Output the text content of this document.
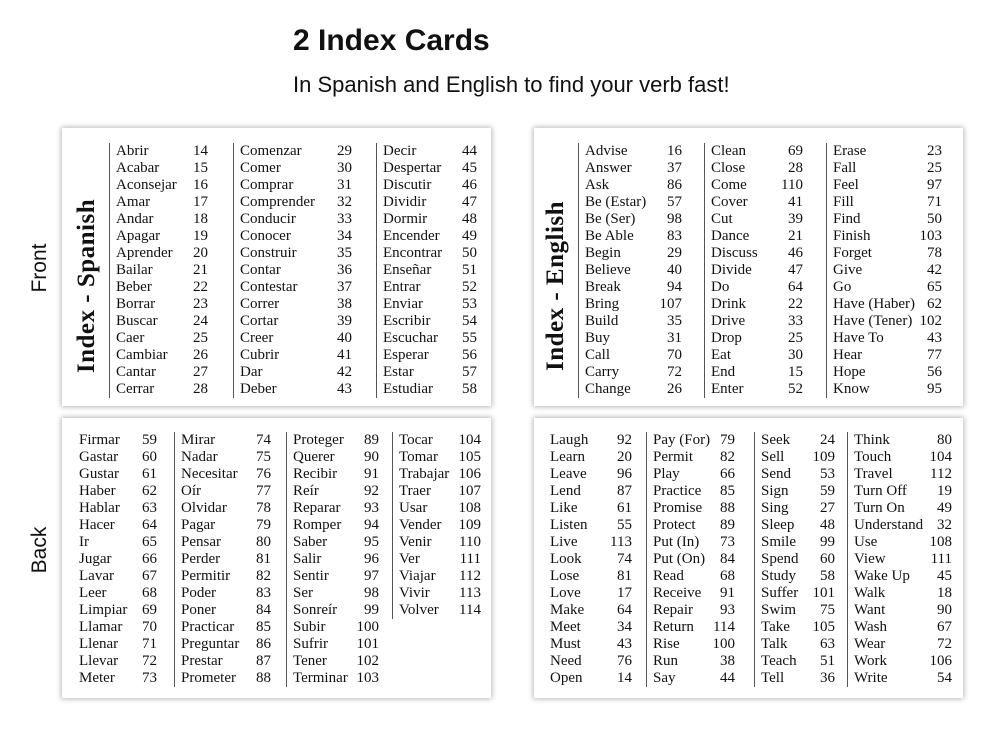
2 Index Cards
In Spanish and English to find your verb fast!
Front
Back
Index - Spanish
Abrir	14
Acabar	15
Aconsejar	16
Amar	17
Andar	18
Apagar	19
Aprender	20
Bailar	21
Beber	22
Borrar	23
Buscar	24
Caer	25
Cambiar	26
Cantar	27
Cerrar	28
Comenzar	29
Comer	30
Comprar	31
Comprender	32
Conducir	33
Conocer	34
Construir	35
Contar	36
Contestar	37
Correr	38
Cortar	39
Creer	40
Cubrir	41
Dar	42
Deber	43
Decir	44
Despertar	45
Discutir	46
Dividir	47
Dormir	48
Encender	49
Encontrar	50
Enseñar	51
Entrar	52
Enviar	53
Escribir	54
Escuchar	55
Esperar	56
Estar	57
Estudiar	58
Index - English
Advise	16
Answer	37
Ask	86
Be (Estar)	57
Be (Ser)	98
Be Able	83
Begin	29
Believe	40
Break	94
Bring	107
Build	35
Buy	31
Call	70
Carry	72
Change	26
Clean	69
Close	28
Come	110
Cover	41
Cut	39
Dance	21
Discuss	46
Divide	47
Do	64
Drink	22
Drive	33
Drop	25
Eat	30
End	15
Enter	52
Erase	23
Fall	25
Feel	97
Fill	71
Find	50
Finish	103
Forget	78
Give	42
Go	65
Have (Haber) 62
Have (Tener) 102
Have To	43
Hear	77
Hope	56
Know	95
Firmar	59
Gastar	60
Gustar	61
Haber	62
Hablar	63
Hacer	64
Ir	65
Jugar	66
Lavar	67
Leer	68
Limpiar 69
Llamar	70
Llenar	71
Llevar	72
Meter	73
Mirar	74
Nadar	75
Necesitar	76
Oír	77
Olvidar	78
Pagar	79
Pensar	80
Perder	81
Permitir	82
Poder	83
Poner	84
Practicar	85
Preguntar	86
Prestar	87
Prometer	88
Proteger	89
Querer	90
Recibir	91
Reír	92
Reparar	93
Romper	94
Saber	95
Salir	96
Sentir	97
Ser	98
Sonreír	99
Subir	100
Sufrir	101
Tener	102
Terminar 103
Tocar	104
Tomar	105
Trabajar 106
Traer	107
Usar	108
Vender	109
Venir	110
Ver	111
Viajar	112
Vivir	113
Volver	114
Laugh	92
Learn	20
Leave	96
Lend	87
Like	61
Listen	55
Live	113
Look	74
Lose	81
Love	17
Make	64
Meet	34
Must	43
Need	76
Open	14
Pay (For) 79
Permit	82
Play	66
Practice	85
Promise	88
Protect	89
Put (In)	73
Put (On) 84
Read	68
Receive	91
Repair	93
Return	114
Rise	100
Run	38
Say	44
Seek	24
Sell	109
Send	53
Sign	59
Sing	27
Sleep	48
Smile	99
Spend	60
Study	58
Suffer 101
Swim	75
Take	105
Talk	63
Teach	51
Tell	36
Think	80
Touch	104
Travel	112
Turn Off	19
Turn On	49
Understand 32
Use	108
View	111
Wake Up	45
Walk	18
Want	90
Wash	67
Wear	72
Work	106
Write	54
